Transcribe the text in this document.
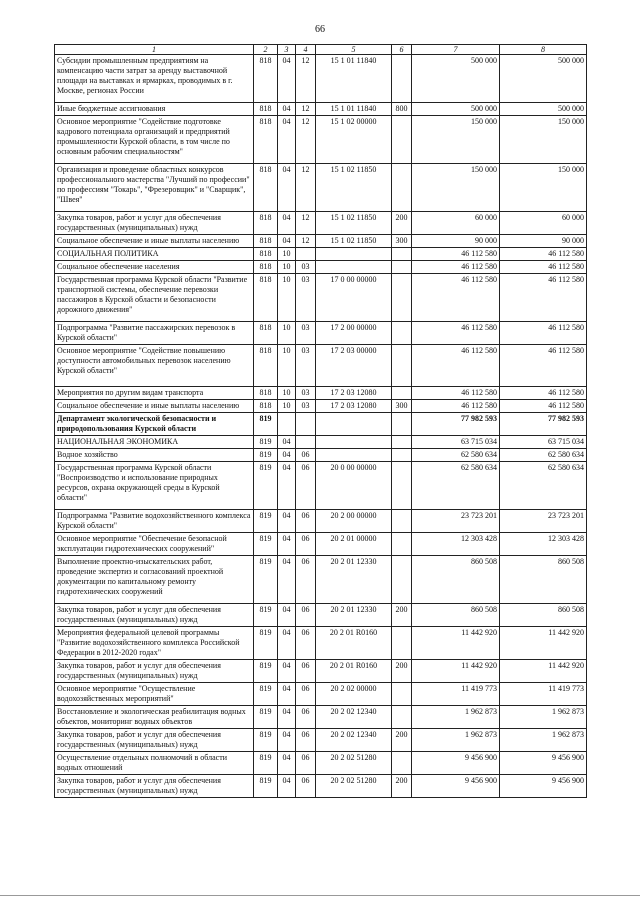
66
1	2	3	4	5	6	7	8
Субсидии промышленным предприятиям на компенсацию части затрат за аренду выставочной площади на выставках и ярмарках, проводимых в г. Москве, регионах России	818	04	12	15 1 01 11840		500 000	500 000
Иные бюджетные ассигнования	818	04	12	15 1 01 11840	800	500 000	500 000
Основное мероприятие "Содействие подготовке кадрового потенциала организаций и предприятий промышленности Курской области, в том числе по основным рабочим специальностям"	818	04	12	15 1 02 00000		150 000	150 000
Организация и проведение областных конкурсов профессионального мастерства "Лучший по профессии" по профессиям "Токарь", "Фрезеровщик" и "Сварщик", "Швея"	818	04	12	15 1 02 11850		150 000	150 000
Закупка товаров, работ и услуг для обеспечения государственных (муниципальных) нужд	818	04	12	15 1 02 11850	200	60 000	60 000
Социальное обеспечение и иные выплаты населению	818	04	12	15 1 02 11850	300	90 000	90 000
СОЦИАЛЬНАЯ ПОЛИТИКА	818	10				46 112 580	46 112 580
Социальное обеспечение населения	818	10	03			46 112 580	46 112 580
Государственная программа Курской области "Развитие транспортной системы, обеспечение перевозки пассажиров в Курской области и безопасности дорожного движения"	818	10	03	17 0 00 00000		46 112 580	46 112 580
Подпрограмма "Развитие пассажирских перевозок в Курской области"	818	10	03	17 2 00 00000		46 112 580	46 112 580
Основное мероприятие "Содействие повышению доступности автомобильных перевозок населению Курской области"	818	10	03	17 2 03 00000		46 112 580	46 112 580
Мероприятия по другим видам транспорта	818	10	03	17 2 03 12080		46 112 580	46 112 580
Социальное обеспечение и иные выплаты населению	818	10	03	17 2 03 12080	300	46 112 580	46 112 580
Департамент экологической безопасности и природопользования Курской области	819					77 982 593	77 982 593
НАЦИОНАЛЬНАЯ ЭКОНОМИКА	819	04				63 715 034	63 715 034
Водное хозяйство	819	04	06			62 580 634	62 580 634
Государственная программа Курской области "Воспроизводство и использование природных ресурсов, охрана окружающей среды в Курской области"	819	04	06	20 0 00 00000		62 580 634	62 580 634
Подпрограмма "Развитие водохозяйственного комплекса Курской области"	819	04	06	20 2 00 00000		23 723 201	23 723 201
Основное мероприятие "Обеспечение безопасной эксплуатации гидротехнических сооружений"	819	04	06	20 2 01 00000		12 303 428	12 303 428
Выполнение проектно-изыскательских работ, проведение экспертиз и согласований проектной документации по капитальному ремонту гидротехнических сооружений	819	04	06	20 2 01 12330		860 508	860 508
Закупка товаров, работ и услуг для обеспечения государственных (муниципальных) нужд	819	04	06	20 2 01 12330	200	860 508	860 508
Мероприятия федеральной целевой программы "Развитие водохозяйственного комплекса Российской Федерации в 2012-2020 годах"	819	04	06	20 2 01 R0160		11 442 920	11 442 920
Закупка товаров, работ и услуг для обеспечения государственных (муниципальных) нужд	819	04	06	20 2 01 R0160	200	11 442 920	11 442 920
Основное мероприятие "Осуществление водохозяйственных мероприятий"	819	04	06	20 2 02 00000		11 419 773	11 419 773
Восстановление и экологическая реабилитация водных объектов, мониторинг водных объектов	819	04	06	20 2 02 12340		1 962 873	1 962 873
Закупка товаров, работ и услуг для обеспечения государственных (муниципальных) нужд	819	04	06	20 2 02 12340	200	1 962 873	1 962 873
Осуществление отдельных полномочий в области водных отношений	819	04	06	20 2 02 51280		9 456 900	9 456 900
Закупка товаров, работ и услуг для обеспечения государственных (муниципальных) нужд	819	04	06	20 2 02 51280	200	9 456 900	9 456 900
